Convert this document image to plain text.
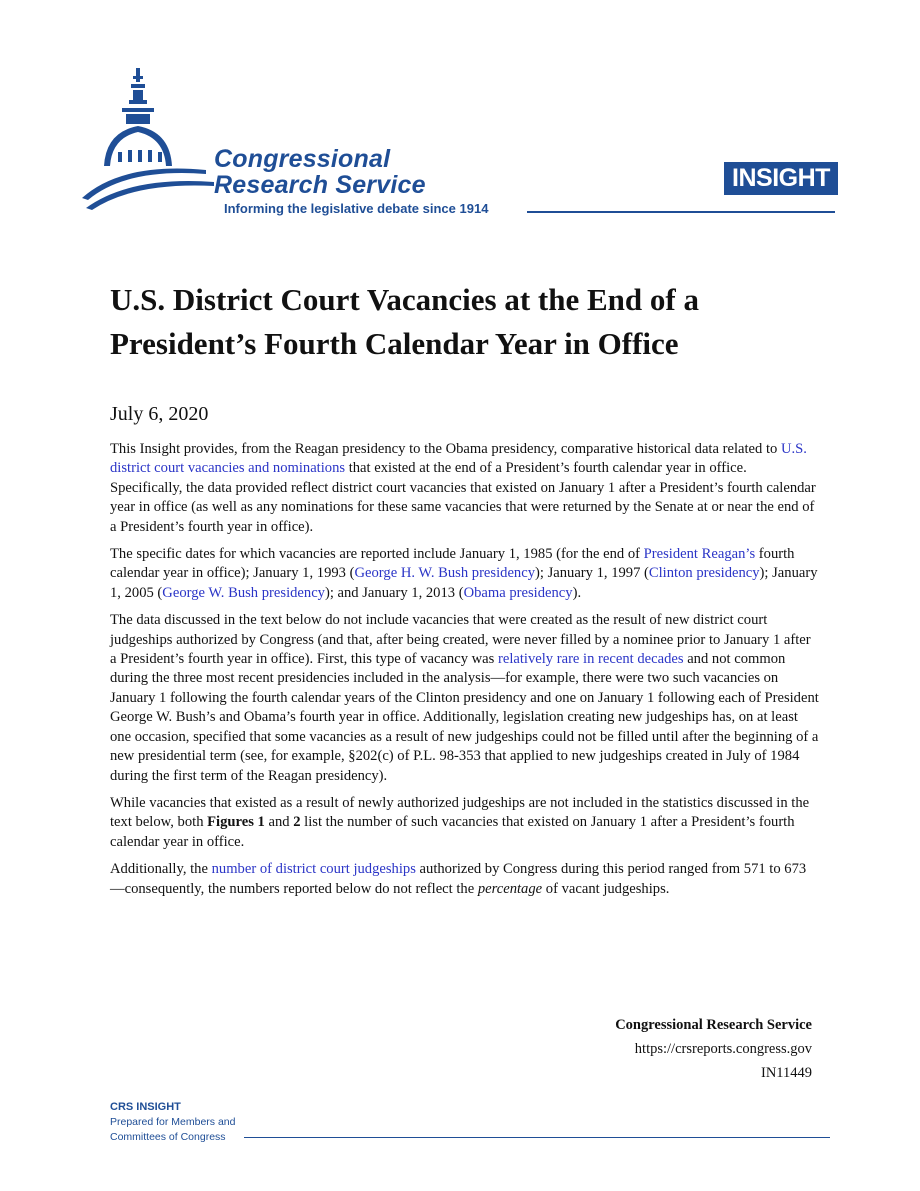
Congressional
Research Service
Informing the legislative debate since 1914
INSIGHT
U.S. District Court Vacancies at the End of a
President’s Fourth Calendar Year in Office
July 6, 2020

This Insight provides, from the Reagan presidency to the Obama presidency, comparative historical data related to U.S. district court vacancies and nominations that existed at the end of a President’s fourth calendar year in office. Specifically, the data provided reflect district court vacancies that existed on January 1 after a President’s fourth calendar year in office (as well as any nominations for these same vacancies that were returned by the Senate at or near the end of a President’s fourth year in office).

The specific dates for which vacancies are reported include January 1, 1985 (for the end of President Reagan’s fourth calendar year in office); January 1, 1993 (George H. W. Bush presidency); January 1, 1997 (Clinton presidency); January 1, 2005 (George W. Bush presidency); and January 1, 2013 (Obama presidency).

The data discussed in the text below do not include vacancies that were created as the result of new district court judgeships authorized by Congress (and that, after being created, were never filled by a nominee prior to January 1 after a President’s fourth year in office). First, this type of vacancy was relatively rare in recent decades and not common during the three most recent presidencies included in the analysis—for example, there were two such vacancies on January 1 following the fourth calendar years of the Clinton presidency and one on January 1 following each of President George W. Bush’s and Obama’s fourth year in office. Additionally, legislation creating new judgeships has, on at least one occasion, specified that some vacancies as a result of new judgeships could not be filled until after the beginning of a new presidential term (see, for example, §202(c) of P.L. 98-353 that applied to new judgeships created in July of 1984 during the first term of the Reagan presidency).

While vacancies that existed as a result of newly authorized judgeships are not included in the statistics discussed in the text below, both Figures 1 and 2 list the number of such vacancies that existed on January 1 after a President’s fourth calendar year in office.

Additionally, the number of district court judgeships authorized by Congress during this period ranged from 571 to 673—consequently, the numbers reported below do not reflect the percentage of vacant judgeships.

Congressional Research Service
https://crsreports.congress.gov
IN11449
CRS INSIGHT
Prepared for Members and
Committees of Congress
